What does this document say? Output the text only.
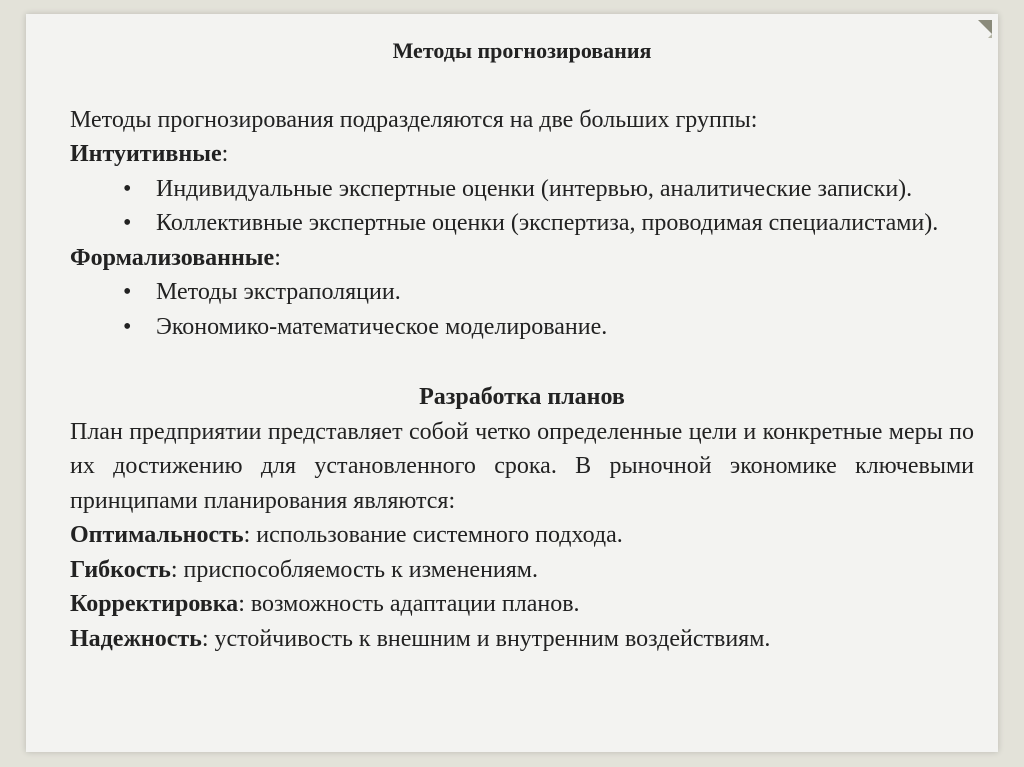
Методы прогнозирования

Методы прогнозирования подразделяются на две больших группы:

Интуитивные:

• Индивидуальные экспертные оценки (интервью, аналитические записки).
• Коллективные экспертные оценки (экспертиза, проводимая специалистами).

Формализованные:

• Методы экстраполяции.
• Экономико-математическое моделирование.

Разработка планов

План предприятии представляет собой четко определенные цели и конкретные меры по их достижению для установленного срока. В рыночной экономике ключевыми принципами планирования являются:

Оптимальность: использование системного подхода.

Гибкость: приспособляемость к изменениям.

Корректировка: возможность адаптации планов.

Надежность: устойчивость к внешним и внутренним воздействиям.
